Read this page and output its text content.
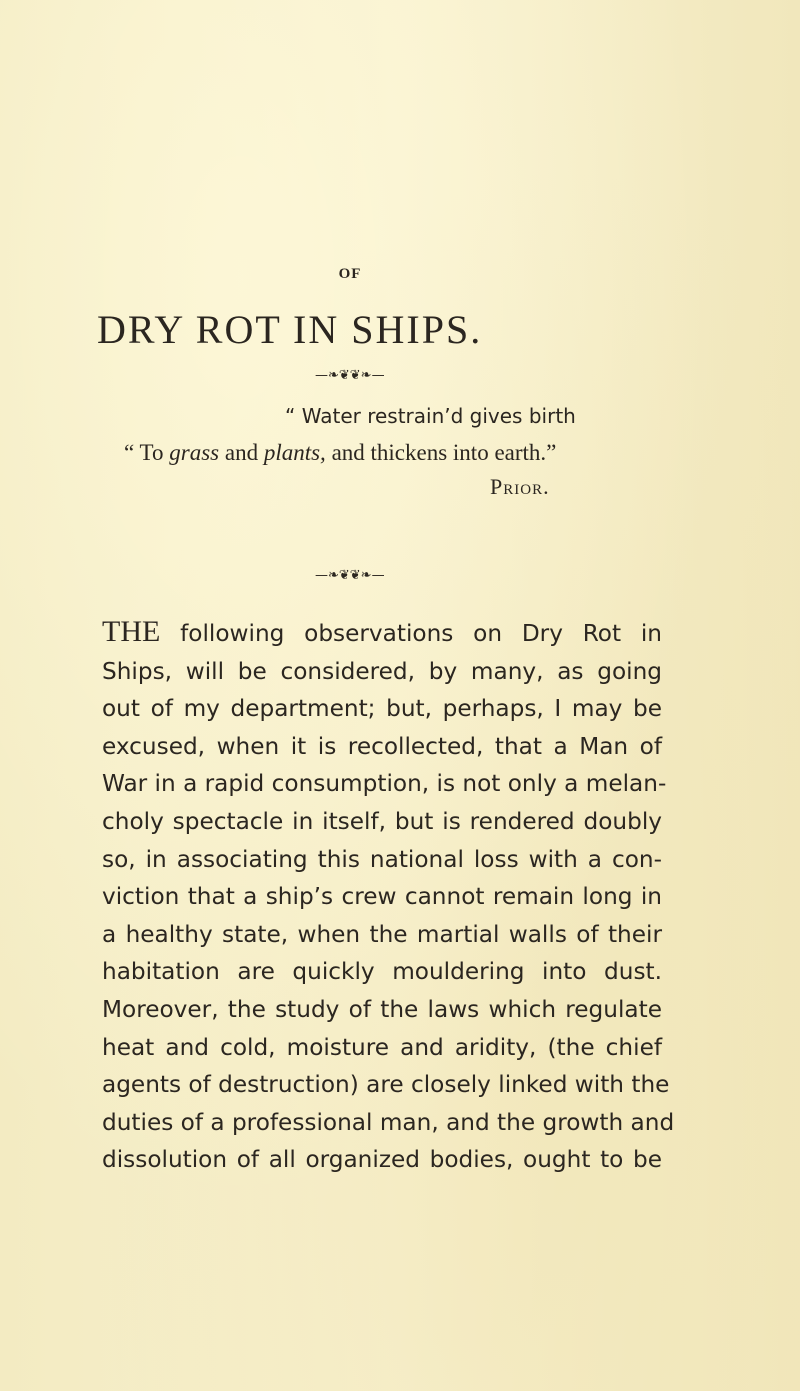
OF
DRY ROT IN SHIPS.
—❧❦❦❧—
“ Water restrain’d gives birth
“ To grass and plants, and thickens into earth.”
Prior.
—❧❦❦❧—
THE following observations on Dry Rot in
Ships, will be considered, by many, as going
out of my department; but, perhaps, I may be
excused, when it is recollected, that a Man of
War in a rapid consumption, is not only a melan-
choly spectacle in itself, but is rendered doubly
so, in associating this national loss with a con-
viction that a ship’s crew cannot remain long in
a healthy state, when the martial walls of their
habitation are quickly mouldering into dust.
Moreover, the study of the laws which regulate
heat and cold, moisture and aridity, (the chief
agents of destruction) are closely linked with the
duties of a professional man, and the growth and
dissolution of all organized bodies, ought to be
